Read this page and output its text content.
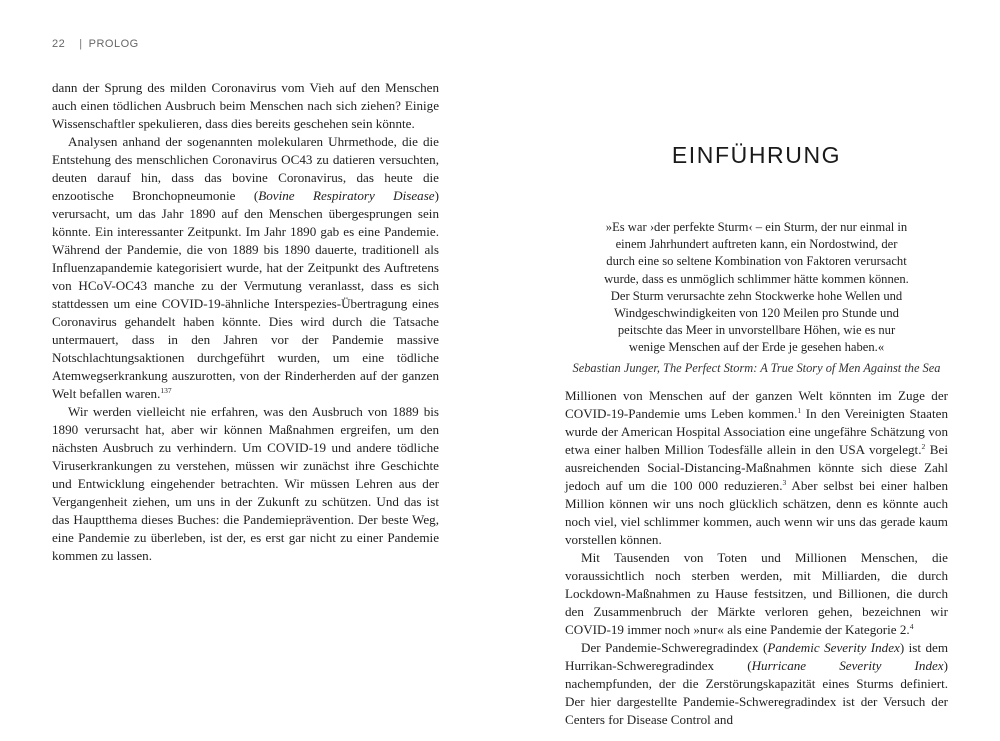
22 | PROLOG

dann der Sprung des milden Coronavirus vom Vieh auf den Menschen auch einen tödlichen Ausbruch beim Menschen nach sich ziehen? Einige Wissenschaftler spekulieren, dass dies bereits geschehen sein könnte.

Analysen anhand der sogenannten molekularen Uhrmethode, die die Entstehung des menschlichen Coronavirus OC43 zu datieren versuchten, deuten darauf hin, dass das bovine Coronavirus, das heute die enzootische Bronchopneumonie (Bovine Respiratory Disease) verursacht, um das Jahr 1890 auf den Menschen übergesprungen sein könnte. Ein interessanter Zeitpunkt. Im Jahr 1890 gab es eine Pandemie. Während der Pandemie, die von 1889 bis 1890 dauerte, traditionell als Influenzapandemie kategorisiert wurde, hat der Zeitpunkt des Auftretens von HCoV-OC43 manche zu der Vermutung veranlasst, dass es sich stattdessen um eine COVID-19-ähnliche Interspezies-Übertragung eines Coronavirus gehandelt haben könnte. Dies wird durch die Tatsache untermauert, dass in den Jahren vor der Pandemie massive Notschlachtungsaktionen durchgeführt wurden, um eine tödliche Atemwegserkrankung auszurotten, von der Rinderherden auf der ganzen Welt befallen waren.$^{137}$

Wir werden vielleicht nie erfahren, was den Ausbruch von 1889 bis 1890 verursacht hat, aber wir können Maßnahmen ergreifen, um den nächsten Ausbruch zu verhindern. Um COVID-19 und andere tödliche Viruserkrankungen zu verstehen, müssen wir zunächst ihre Geschichte und Entwicklung eingehender betrachten. Wir müssen Lehren aus der Vergangenheit ziehen, um uns in der Zukunft zu schützen. Und das ist das Hauptthema dieses Buches: die Pandemieprävention. Der beste Weg, eine Pandemie zu überleben, ist der, es erst gar nicht zu einer Pandemie kommen zu lassen.

EINFÜHRUNG
»Es war ›der perfekte Sturm‹ – ein Sturm, der nur einmal in
einem Jahrhundert auftreten kann, ein Nordostwind, der
durch eine so seltene Kombination von Faktoren verursacht
wurde, dass es unmöglich schlimmer hätte kommen können.
Der Sturm verursachte zehn Stockwerke hohe Wellen und
Windgeschwindigkeiten von 120 Meilen pro Stunde und
peitschte das Meer in unvorstellbare Höhen, wie es nur
wenige Menschen auf der Erde je gesehen haben.«
Sebastian Junger, The Perfect Storm: A True Story of Men Against the Sea

Millionen von Menschen auf der ganzen Welt könnten im Zuge der COVID-19-Pandemie ums Leben kommen.$^1$ In den Vereinigten Staaten wurde der American Hospital Association eine ungefähre Schätzung von etwa einer halben Million Todesfälle allein in den USA vorgelegt.$^2$ Bei ausreichenden Social-Distancing-Maßnahmen könnte sich diese Zahl jedoch auf um die 100 000 reduzieren.$^3$ Aber selbst bei einer halben Million können wir uns noch glücklich schätzen, denn es könnte auch noch viel, viel schlimmer kommen, auch wenn wir uns das gerade kaum vorstellen können.

Mit Tausenden von Toten und Millionen Menschen, die voraussichtlich noch sterben werden, mit Milliarden, die durch Lockdown-Maßnahmen zu Hause festsitzen, und Billionen, die durch den Zusammenbruch der Märkte verloren gehen, bezeichnen wir COVID-19 immer noch »nur« als eine Pandemie der Kategorie 2.$^4$

Der Pandemie-Schweregradindex (Pandemic Severity Index) ist dem Hurrikan-Schweregradindex (Hurricane Severity Index) nachempfunden, der die Zerstörungskapazität eines Sturms definiert. Der hier dargestellte Pandemie-Schweregradindex ist der Versuch der Centers for Disease Control and
